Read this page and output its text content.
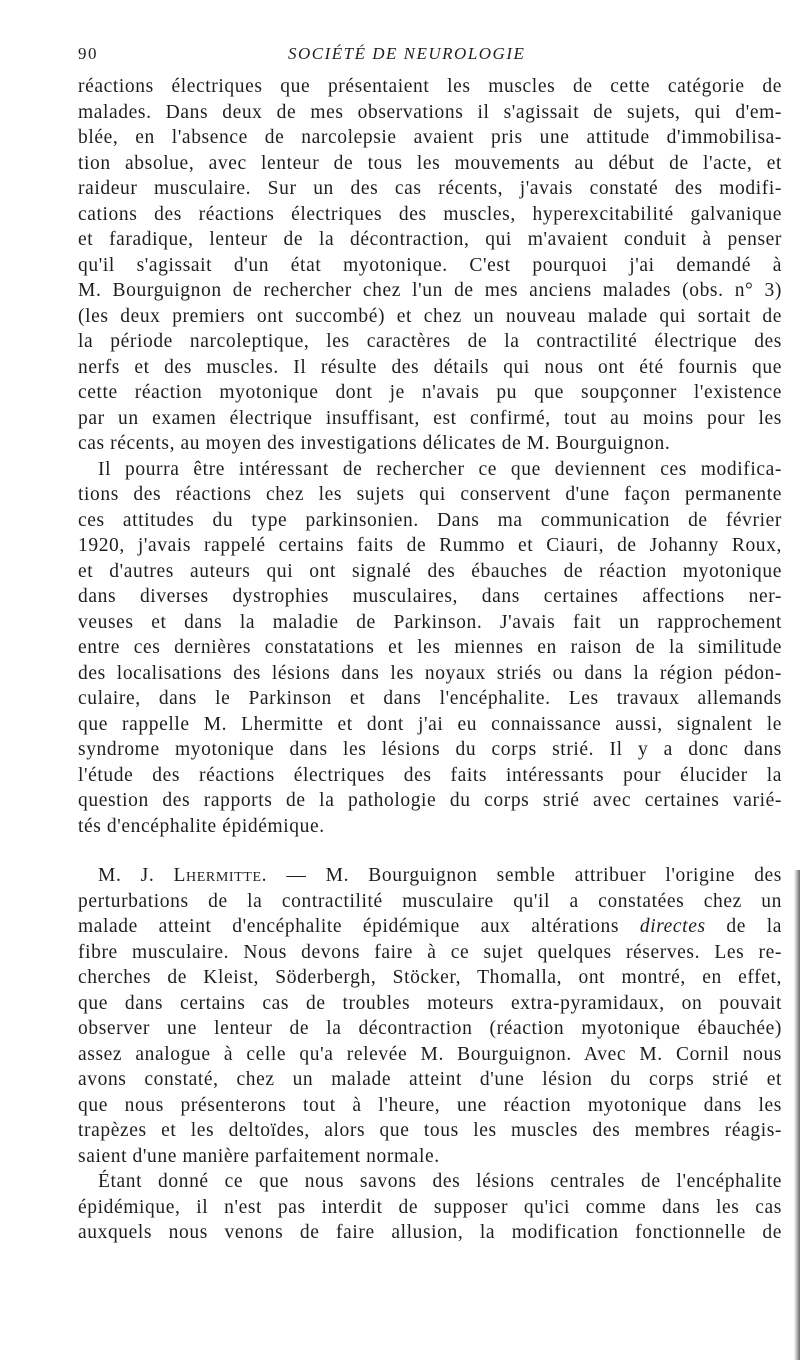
90	SOCIÉTÉ DE NEUROLOGIE
réactions électriques que présentaient les muscles de cette catégorie de
malades. Dans deux de mes observations il s'agissait de sujets, qui d'em-
blée, en l'absence de narcolepsie avaient pris une attitude d'immobilisa-
tion absolue, avec lenteur de tous les mouvements au début de l'acte, et
raideur musculaire. Sur un des cas récents, j'avais constaté des modifi-
cations des réactions électriques des muscles, hyperexcitabilité galvanique
et faradique, lenteur de la décontraction, qui m'avaient conduit à penser
qu'il s'agissait d'un état myotonique. C'est pourquoi j'ai demandé à
M. Bourguignon de rechercher chez l'un de mes anciens malades (obs. n° 3)
(les deux premiers ont succombé) et chez un nouveau malade qui sortait de
la période narcoleptique, les caractères de la contractilité électrique des
nerfs et des muscles. Il résulte des détails qui nous ont été fournis que
cette réaction myotonique dont je n'avais pu que soupçonner l'existence
par un examen électrique insuffisant, est confirmé, tout au moins pour les
cas récents, au moyen des investigations délicates de M. Bourguignon.
Il pourra être intéressant de rechercher ce que deviennent ces modifica-
tions des réactions chez les sujets qui conservent d'une façon permanente
ces attitudes du type parkinsonien. Dans ma communication de février
1920, j'avais rappelé certains faits de Rummo et Ciauri, de Johanny Roux,
et d'autres auteurs qui ont signalé des ébauches de réaction myotonique
dans diverses dystrophies musculaires, dans certaines affections ner-
veuses et dans la maladie de Parkinson. J'avais fait un rapprochement
entre ces dernières constatations et les miennes en raison de la similitude
des localisations des lésions dans les noyaux striés ou dans la région pédon-
culaire, dans le Parkinson et dans l'encéphalite. Les travaux allemands
que rappelle M. Lhermitte et dont j'ai eu connaissance aussi, signalent le
syndrome myotonique dans les lésions du corps strié. Il y a donc dans
l'étude des réactions électriques des faits intéressants pour élucider la
question des rapports de la pathologie du corps strié avec certaines varié-
tés d'encéphalite épidémique.
M. J. Lhermitte. — M. Bourguignon semble attribuer l'origine des
perturbations de la contractilité musculaire qu'il a constatées chez un
malade atteint d'encéphalite épidémique aux altérations directes de la
fibre musculaire. Nous devons faire à ce sujet quelques réserves. Les re-
cherches de Kleist, Söderbergh, Stöcker, Thomalla, ont montré, en effet,
que dans certains cas de troubles moteurs extra-pyramidaux, on pouvait
observer une lenteur de la décontraction (réaction myotonique ébauchée)
assez analogue à celle qu'a relevée M. Bourguignon. Avec M. Cornil nous
avons constaté, chez un malade atteint d'une lésion du corps strié et
que nous présenterons tout à l'heure, une réaction myotonique dans les
trapèzes et les deltoïdes, alors que tous les muscles des membres réagis-
saient d'une manière parfaitement normale.
Étant donné ce que nous savons des lésions centrales de l'encéphalite
épidémique, il n'est pas interdit de supposer qu'ici comme dans les cas
auxquels nous venons de faire allusion, la modification fonctionnelle de
